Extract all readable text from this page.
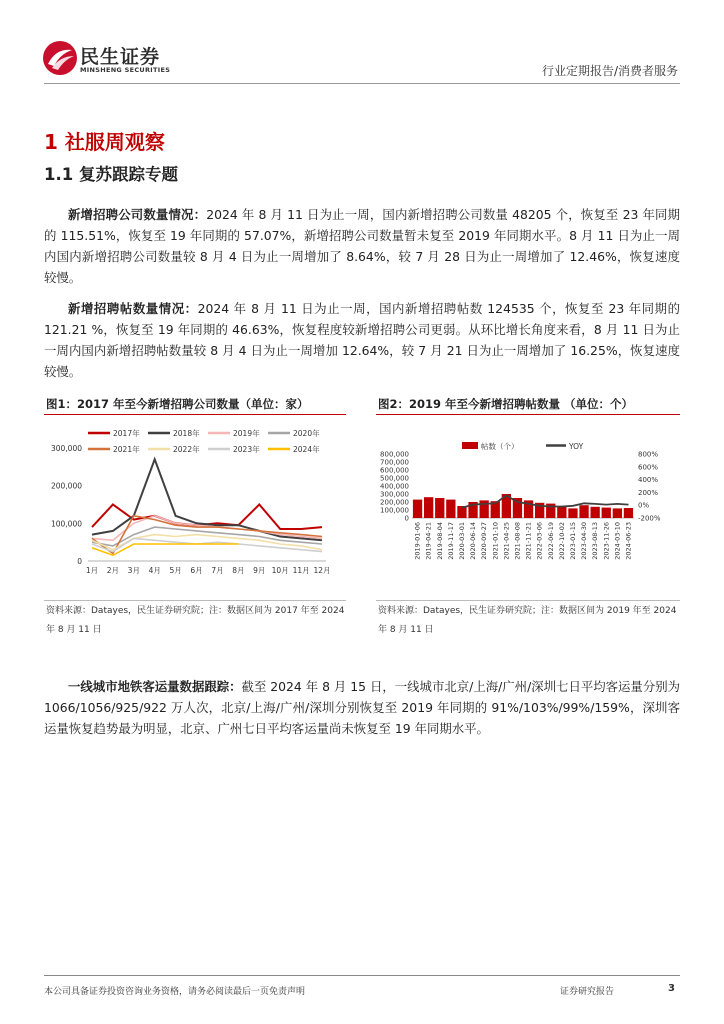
民生证券
MINSHENG SECURITIES	行业定期报告/消费者服务
1 社服周观察
1.1 复苏跟踪专题
新增招聘公司数量情况：2024 年 8 月 11 日为止一周，国内新增招聘公司数量 48205 个，恢复至 23 年同期的 115.51%，恢复至 19 年同期的 57.07%，新增招聘公司数量暂未复至 2019 年同期水平。8 月 11 日为止一周内国内新增招聘公司数量较 8 月 4 日为止一周增加了 8.64%，较 7 月 28 日为止一周增加了 12.46%，恢复速度较慢。
新增招聘帖数量情况：2024 年 8 月 11 日为止一周，国内新增招聘帖数 124535 个，恢复至 23 年同期的 121.21 %，恢复至 19 年同期的 46.63%，恢复程度较新增招聘公司更弱。从环比增长角度来看，8 月 11 日为止一周内国内新增招聘帖数量较 8 月 4 日为止一周增加 12.64%，较 7 月 21 日为止一周增加了 16.25%，恢复速度较慢。
图1：2017 年至今新增招聘公司数量（单位：家）
0
100,000
200,000
300,000
1月 2月 3月 4月 5月 6月 7月 8月 9月 10月 11月 12月
2017年	2018年	2019年	2020年
2021年	2022年	2023年	2024年
资料来源：Datayes，民生证券研究院；注：数据区间为 2017 年至 2024
年 8 月 11 日
图2：2019 年至今新增招聘帖数量 （单位：个）
帖数（个）	YOY
0
100,000
200,000
300,000
400,000
500,000
600,000
700,000
800,000
-200%
0%
200%
400%
600%
800%
2019-01-06 2019-04-21 2019-08-04 2019-11-17 2020-03-01 2020-06-14 2020-09-27 2021-01-10 2021-04-25 2021-08-08 2021-11-21 2022-03-06 2022-06-19 2022-10-02 2023-01-15 2023-04-30 2023-08-13 2023-11-26 2024-03-10 2024-06-23
资料来源：Datayes，民生证券研究院；注：数据区间为 2019 年至 2024
年 8 月 11 日
一线城市地铁客运量数据跟踪：截至 2024 年 8 月 15 日，一线城市北京/上海/广州/深圳七日平均客运量分别为 1066/1056/925/922 万人次，北京/上海/广州/深圳分别恢复至 2019 年同期的 91%/103%/99%/159%，深圳客运量恢复趋势最为明显，北京、广州七日平均客运量尚未恢复至 19 年同期水平。
本公司具备证券投资咨询业务资格，请务必阅读最后一页免责声明	证券研究报告	3
